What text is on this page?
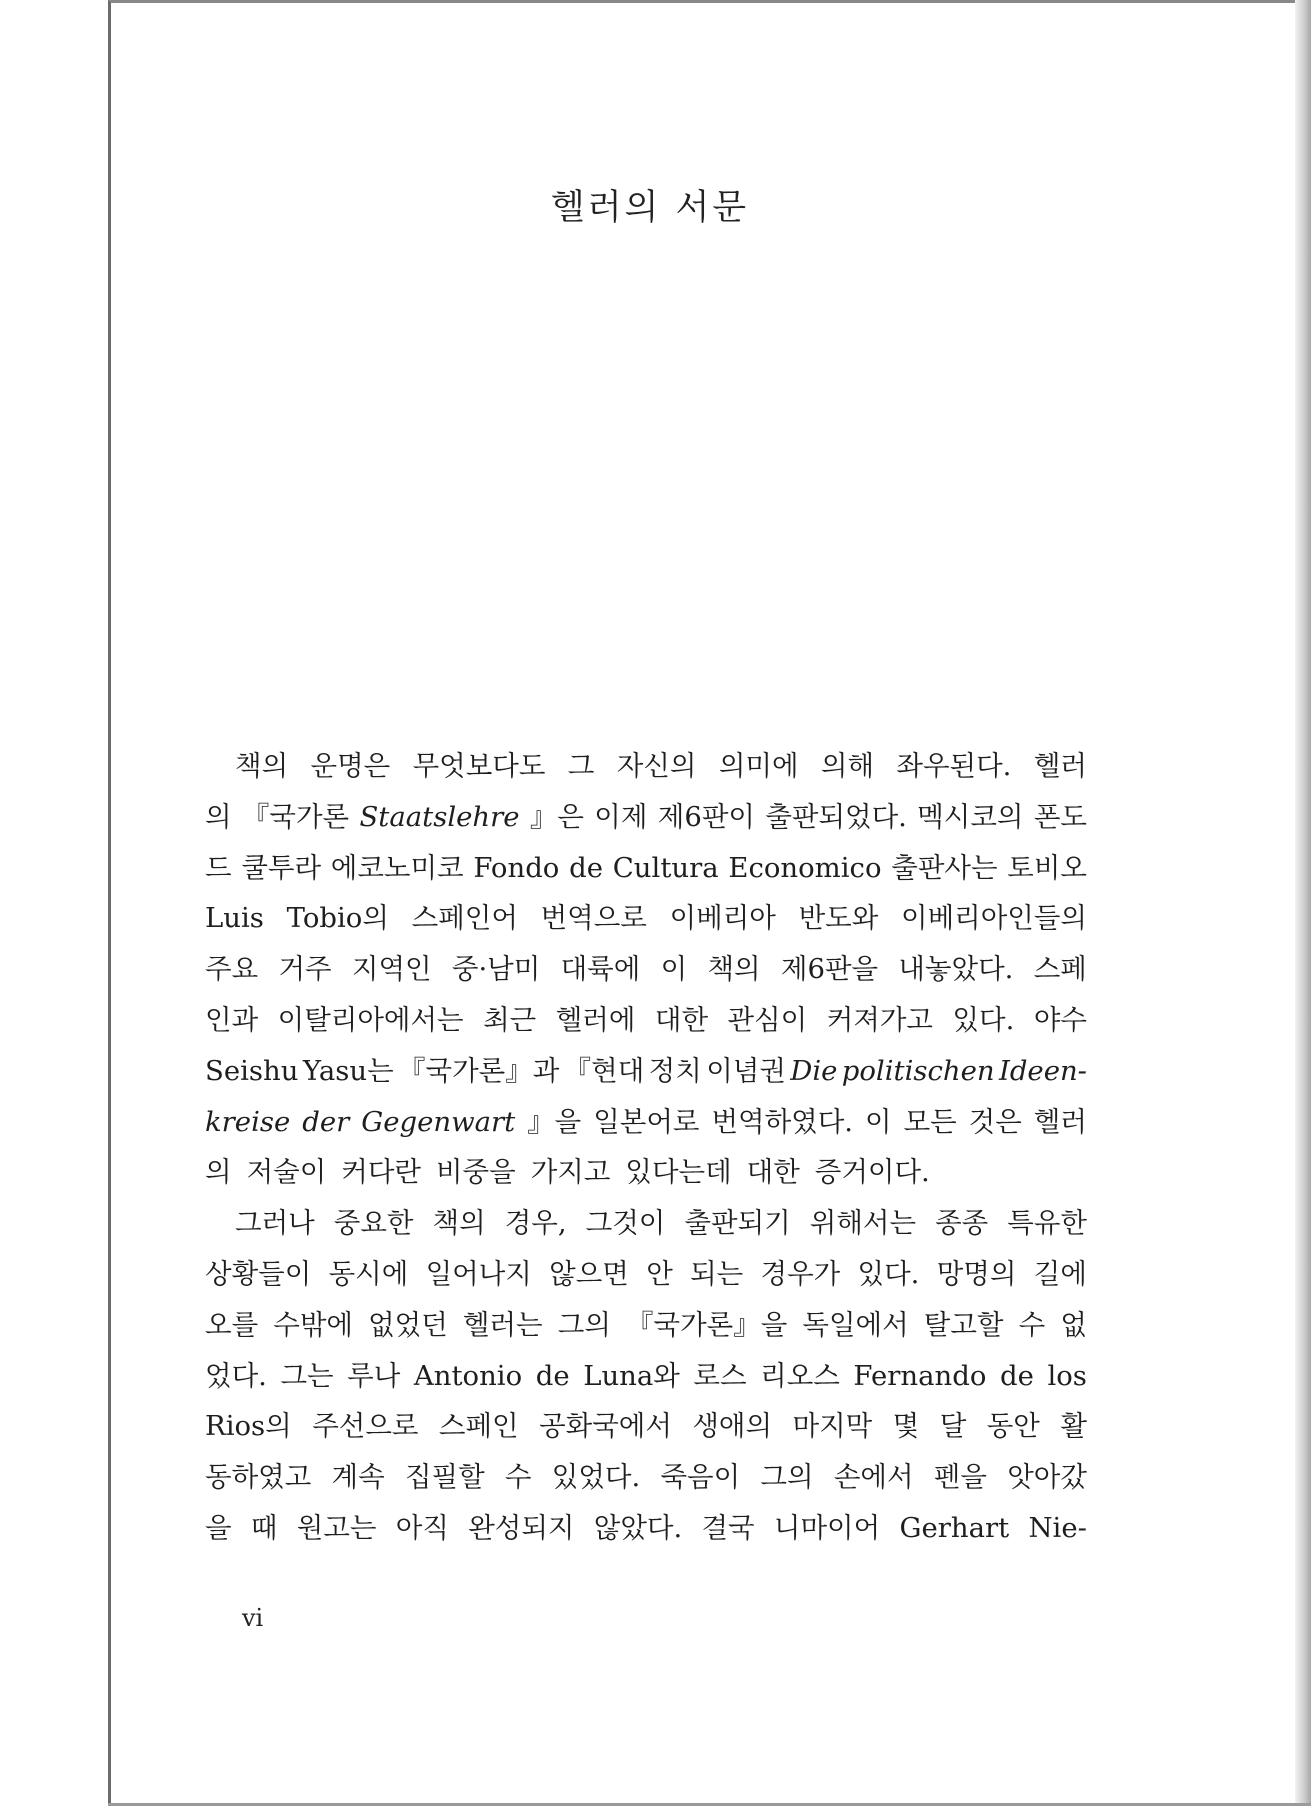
헬러의 서문
책의 운명은 무엇보다도 그 자신의 의미에 의해 좌우된다. 헬러
의 『국가론 Staatslehre 』은 이제 제6판이 출판되었다. 멕시코의 폰도
드 쿨투라 에코노미코 Fondo de Cultura Economico 출판사는 토비오
Luis Tobio의 스페인어 번역으로 이베리아 반도와 이베리아인들의
주요 거주 지역인 중·남미 대륙에 이 책의 제6판을 내놓았다. 스페
인과 이탈리아에서는 최근 헬러에 대한 관심이 커져가고 있다. 야수
Seishu Yasu는 『국가론』과 『현대 정치 이념권 Die politischen Ideen-
kreise der Gegenwart 』을 일본어로 번역하였다. 이 모든 것은 헬러
의 저술이 커다란 비중을 가지고 있다는데 대한 증거이다.
그러나 중요한 책의 경우, 그것이 출판되기 위해서는 종종 특유한
상황들이 동시에 일어나지 않으면 안 되는 경우가 있다. 망명의 길에
오를 수밖에 없었던 헬러는 그의 『국가론』을 독일에서 탈고할 수 없
었다. 그는 루나 Antonio de Luna와 로스 리오스 Fernando de los
Rios의 주선으로 스페인 공화국에서 생애의 마지막 몇 달 동안 활
동하였고 계속 집필할 수 있었다. 죽음이 그의 손에서 펜을 앗아갔
을 때 원고는 아직 완성되지 않았다. 결국 니마이어 Gerhart Nie-
vi
